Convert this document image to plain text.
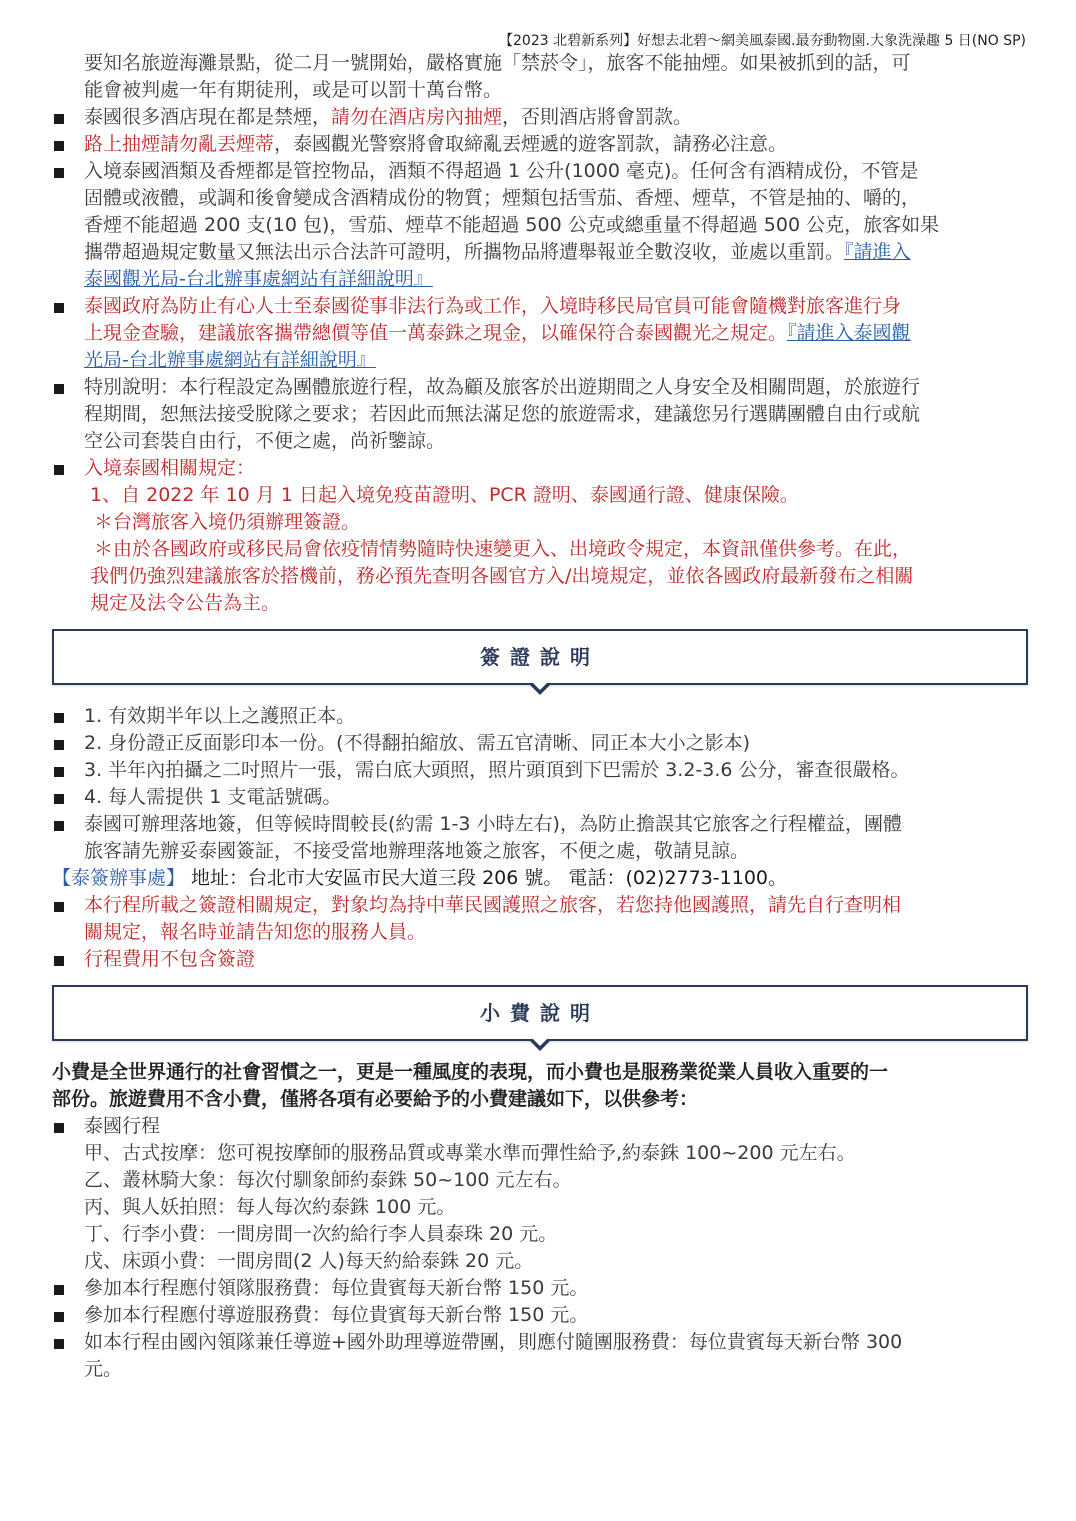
【2023 北碧新系列】好想去北碧～網美風泰國.最夯動物園.大象洗澡趣 5 日(NO SP)
要知名旅遊海灘景點，從二月一號開始，嚴格實施「禁菸令」，旅客不能抽煙。如果被抓到的話，可
能會被判處一年有期徒刑，或是可以罰十萬台幣。
泰國很多酒店現在都是禁煙，請勿在酒店房內抽煙，否則酒店將會罰款。
路上抽煙請勿亂丟煙蒂，泰國觀光警察將會取締亂丟煙遞的遊客罰款，請務必注意。
入境泰國酒類及香煙都是管控物品，酒類不得超過 1 公升(1000 毫克)。任何含有酒精成份，不管是
固體或液體，或調和後會變成含酒精成份的物質；煙類包括雪茄、香煙、煙草，不管是抽的、嚼的，
香煙不能超過 200 支(10 包)，雪茄、煙草不能超過 500 公克或總重量不得超過 500 公克，旅客如果
攜帶超過規定數量又無法出示合法許可證明，所攜物品將遭舉報並全數沒收，並處以重罰。『請進入
泰國觀光局-台北辦事處網站有詳細說明』
泰國政府為防止有心人士至泰國從事非法行為或工作，入境時移民局官員可能會隨機對旅客進行身
上現金查驗，建議旅客攜帶總價等值一萬泰銖之現金，以確保符合泰國觀光之規定。『請進入泰國觀
光局-台北辦事處網站有詳細說明』
特別說明：本行程設定為團體旅遊行程，故為顧及旅客於出遊期間之人身安全及相關問題，於旅遊行
程期間，恕無法接受脫隊之要求；若因此而無法滿足您的旅遊需求，建議您另行選購團體自由行或航
空公司套裝自由行，不便之處，尚祈鑒諒。
入境泰國相關規定：
1、自 2022 年 10 月 1 日起入境免疫苗證明、PCR 證明、泰國通行證、健康保險。
＊台灣旅客入境仍須辦理簽證。
＊由於各國政府或移民局會依疫情情勢隨時快速變更入、出境政令規定，本資訊僅供參考。在此，
我們仍強烈建議旅客於搭機前，務必預先查明各國官方入/出境規定，並依各國政府最新發布之相關
規定及法令公告為主。
簽證說明
1. 有效期半年以上之護照正本。
2. 身份證正反面影印本一份。(不得翻拍縮放、需五官清晰、同正本大小之影本)
3. 半年內拍攝之二吋照片一張，需白底大頭照，照片頭頂到下巴需於 3.2-3.6 公分，審查很嚴格。
4. 每人需提供 1 支電話號碼。
泰國可辦理落地簽，但等候時間較長(約需 1-3 小時左右)，為防止擔誤其它旅客之行程權益，團體
旅客請先辦妥泰國簽証，不接受當地辦理落地簽之旅客，不便之處，敬請見諒。
【泰簽辦事處】 地址：台北市大安區市民大道三段 206 號。 電話：(02)2773-1100。
本行程所載之簽證相關規定，對象均為持中華民國護照之旅客，若您持他國護照，請先自行查明相
關規定，報名時並請告知您的服務人員。
行程費用不包含簽證
小費說明
小費是全世界通行的社會習慣之一，更是一種風度的表現，而小費也是服務業從業人員收入重要的一
部份。旅遊費用不含小費，僅將各項有必要給予的小費建議如下，以供參考：
泰國行程
甲、古式按摩：您可視按摩師的服務品質或專業水準而彈性給予,約泰銖 100~200 元左右。
乙、叢林騎大象：每次付馴象師約泰銖 50~100 元左右。
丙、與人妖拍照：每人每次約泰銖 100 元。
丁、行李小費：一間房間一次約給行李人員泰珠 20 元。
戊、床頭小費：一間房間(2 人)每天約給泰銖 20 元。
參加本行程應付領隊服務費：每位貴賓每天新台幣 150 元。
參加本行程應付導遊服務費：每位貴賓每天新台幣 150 元。
如本行程由國內領隊兼任導遊+國外助理導遊帶團，則應付隨團服務費：每位貴賓每天新台幣 300
元。
